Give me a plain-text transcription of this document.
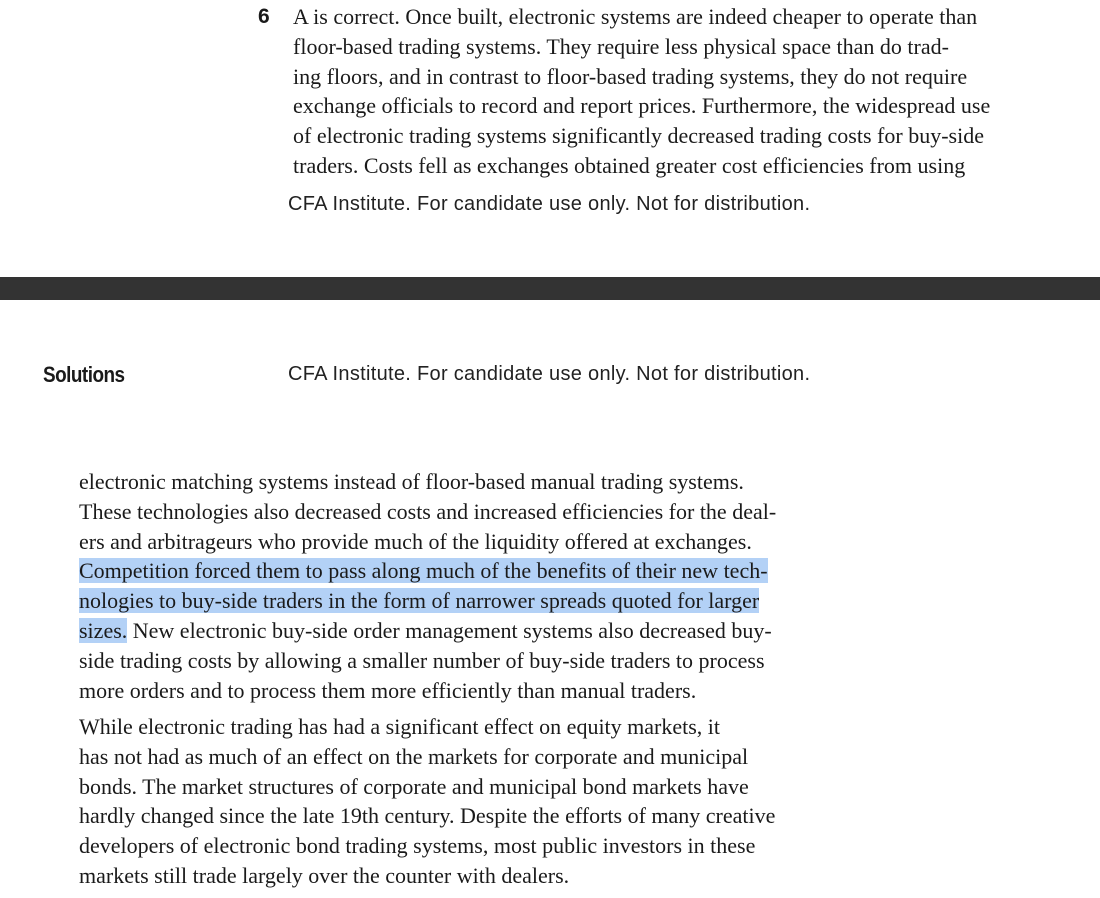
6 A is correct. Once built, electronic systems are indeed cheaper to operate than
floor-based trading systems. They require less physical space than do trad-
ing floors, and in contrast to floor-based trading systems, they do not require
exchange officials to record and report prices. Furthermore, the widespread use
of electronic trading systems significantly decreased trading costs for buy-side
traders. Costs fell as exchanges obtained greater cost efficiencies from using
CFA Institute. For candidate use only. Not for distribution.
Solutions	CFA Institute. For candidate use only. Not for distribution.
electronic matching systems instead of floor-based manual trading systems.
These technologies also decreased costs and increased efficiencies for the deal-
ers and arbitrageurs who provide much of the liquidity offered at exchanges.
Competition forced them to pass along much of the benefits of their new tech-
nologies to buy-side traders in the form of narrower spreads quoted for larger
sizes. New electronic buy-side order management systems also decreased buy-
side trading costs by allowing a smaller number of buy-side traders to process
more orders and to process them more efficiently than manual traders.
While electronic trading has had a significant effect on equity markets, it
has not had as much of an effect on the markets for corporate and municipal
bonds. The market structures of corporate and municipal bond markets have
hardly changed since the late 19th century. Despite the efforts of many creative
developers of electronic bond trading systems, most public investors in these
markets still trade largely over the counter with dealers.
